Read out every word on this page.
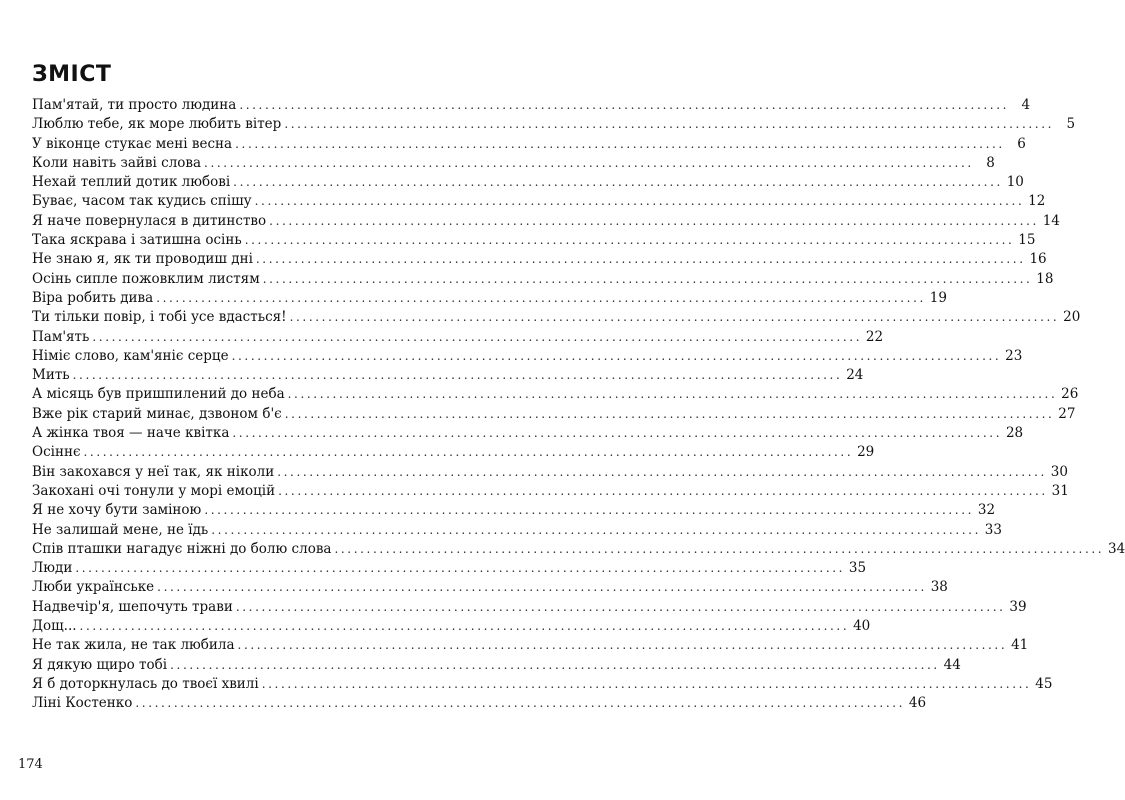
ЗМІСТ
Пам'ятай, ти просто людина ........................................................................................................................ 4
Люблю тебе, як море любить вітер ........................................................................................................................ 5
У віконце стукає мені весна ........................................................................................................................ 6
Коли навіть зайві слова ........................................................................................................................ 8
Нехай теплий дотик любові ........................................................................................................................ 10
Буває, часом так кудись спішу ........................................................................................................................ 12
Я наче повернулася в дитинство ........................................................................................................................ 14
Така яскрава і затишна осінь ........................................................................................................................ 15
Не знаю я, як ти проводиш дні ........................................................................................................................ 16
Осінь сипле пожовклим листям ........................................................................................................................ 18
Віра робить дива ........................................................................................................................ 19
Ти тільки повір, і тобі усе вдасться! ........................................................................................................................ 20
Пам'ять ........................................................................................................................ 22
Німіє слово, кам'яніє серце ........................................................................................................................ 23
Мить ........................................................................................................................ 24
А місяць був пришпилений до неба ........................................................................................................................ 26
Вже рік старий минає, дзвоном б'є ........................................................................................................................ 27
А жінка твоя — наче квітка ........................................................................................................................ 28
Осіннє ........................................................................................................................ 29
Він закохався у неї так, як ніколи ........................................................................................................................ 30
Закохані очі тонули у морі емоцій ........................................................................................................................ 31
Я не хочу бути заміною ........................................................................................................................ 32
Не залишай мене, не їдь ........................................................................................................................ 33
Спів пташки нагадує ніжні до болю слова ........................................................................................................................ 34
Люди ........................................................................................................................ 35
Люби українське ........................................................................................................................ 38
Надвечір'я, шепочуть трави ........................................................................................................................ 39
Дощ... ........................................................................................................................ 40
Не так жила, не так любила ........................................................................................................................ 41
Я дякую щиро тобі ........................................................................................................................ 44
Я б доторкнулась до твоєї хвилі ........................................................................................................................ 45
Ліні Костенко ........................................................................................................................ 46
174
